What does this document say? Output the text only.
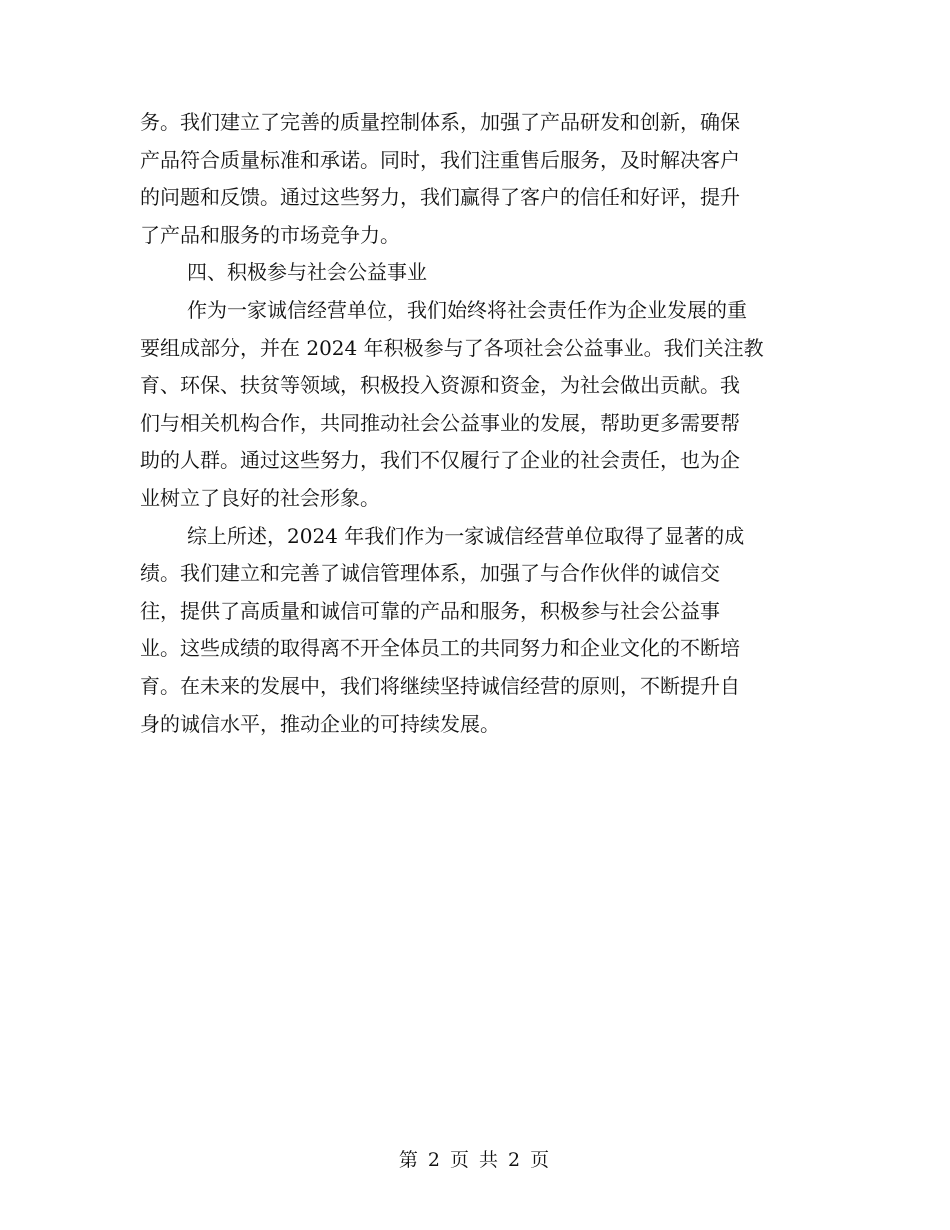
务。我们建立了完善的质量控制体系，加强了产品研发和创新，确保
产品符合质量标准和承诺。同时，我们注重售后服务，及时解决客户
的问题和反馈。通过这些努力，我们赢得了客户的信任和好评，提升
了产品和服务的市场竞争力。
四、积极参与社会公益事业
作为一家诚信经营单位，我们始终将社会责任作为企业发展的重
要组成部分，并在 2024 年积极参与了各项社会公益事业。我们关注教
育、环保、扶贫等领域，积极投入资源和资金，为社会做出贡献。我
们与相关机构合作，共同推动社会公益事业的发展，帮助更多需要帮
助的人群。通过这些努力，我们不仅履行了企业的社会责任，也为企
业树立了良好的社会形象。
综上所述，2024 年我们作为一家诚信经营单位取得了显著的成
绩。我们建立和完善了诚信管理体系，加强了与合作伙伴的诚信交
往，提供了高质量和诚信可靠的产品和服务，积极参与社会公益事
业。这些成绩的取得离不开全体员工的共同努力和企业文化的不断培
育。在未来的发展中，我们将继续坚持诚信经营的原则，不断提升自
身的诚信水平，推动企业的可持续发展。
第 2 页 共 2 页
